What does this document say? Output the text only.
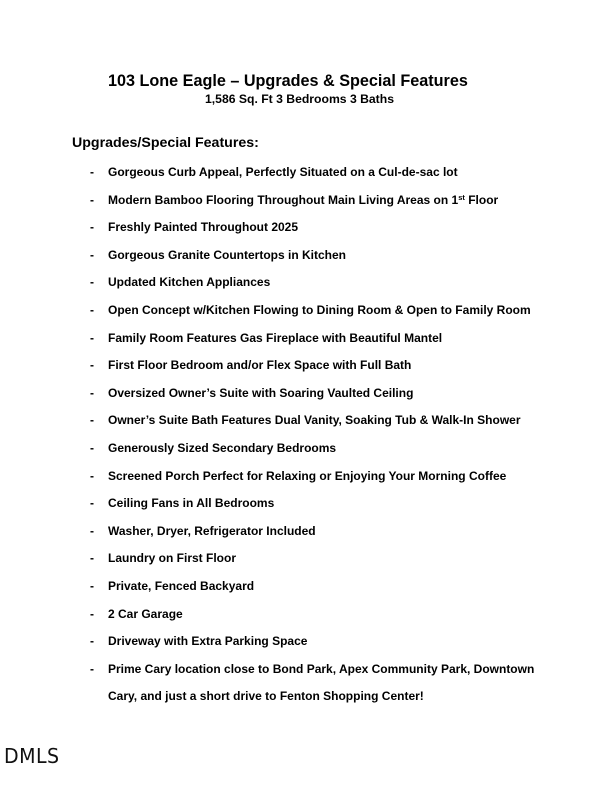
103 Lone Eagle – Upgrades & Special Features
1,586 Sq. Ft 3 Bedrooms 3 Baths
Upgrades/Special Features:
- Gorgeous Curb Appeal, Perfectly Situated on a Cul-de-sac lot
- Modern Bamboo Flooring Throughout Main Living Areas on 1st Floor
- Freshly Painted Throughout 2025
- Gorgeous Granite Countertops in Kitchen
- Updated Kitchen Appliances
- Open Concept w/Kitchen Flowing to Dining Room & Open to Family Room
- Family Room Features Gas Fireplace with Beautiful Mantel
- First Floor Bedroom and/or Flex Space with Full Bath
- Oversized Owner’s Suite with Soaring Vaulted Ceiling
- Owner’s Suite Bath Features Dual Vanity, Soaking Tub & Walk-In Shower
- Generously Sized Secondary Bedrooms
- Screened Porch Perfect for Relaxing or Enjoying Your Morning Coffee
- Ceiling Fans in All Bedrooms
- Washer, Dryer, Refrigerator Included
- Laundry on First Floor
- Private, Fenced Backyard
- 2 Car Garage
- Driveway with Extra Parking Space
- Prime Cary location close to Bond Park, Apex Community Park, Downtown
Cary, and just a short drive to Fenton Shopping Center!
DMLS
